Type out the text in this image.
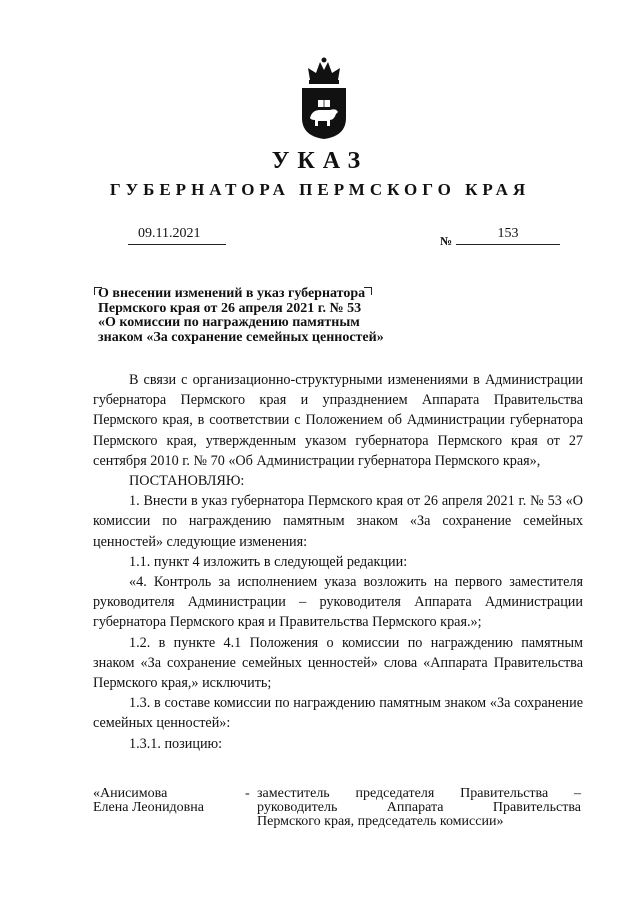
УКАЗ
ГУБЕРНАТОРА ПЕРМСКОГО КРАЯ
09.11.2021	№	153
О внесении изменений в указ губернатора
Пермского края от 26 апреля 2021 г. № 53
«О комиссии по награждению памятным
знаком «За сохранение семейных ценностей»

В связи с организационно-структурными изменениями в Администрации губернатора Пермского края и упразднением Аппарата Правительства Пермского края, в соответствии с Положением об Администрации губернатора Пермского края, утвержденным указом губернатора Пермского края от 27 сентября 2010 г. № 70 «Об Администрации губернатора Пермского края»,

ПОСТАНОВЛЯЮ:

1. Внести в указ губернатора Пермского края от 26 апреля 2021 г. № 53 «О комиссии по награждению памятным знаком «За сохранение семейных ценностей» следующие изменения:

1.1. пункт 4 изложить в следующей редакции:

«4. Контроль за исполнением указа возложить на первого заместителя руководителя Администрации – руководителя Аппарата Администрации губернатора Пермского края и Правительства Пермского края.»;

1.2. в пункте 4.1 Положения о комиссии по награждению памятным знаком «За сохранение семейных ценностей» слова «Аппарата Правительства Пермского края,» исключить;

1.3. в составе комиссии по награждению памятным знаком «За сохранение семейных ценностей»:

1.3.1. позицию:

«Анисимова
Елена Леонидовна
- заместитель председателя Правительства –
руководитель Аппарата Правительства
Пермского края, председатель комиссии»
